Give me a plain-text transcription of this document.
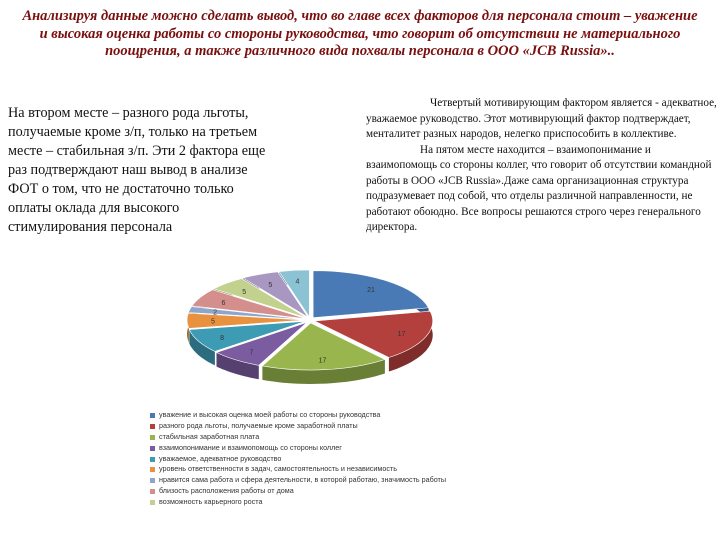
Анализируя данные можно сделать вывод, что во главе всех факторов для персонала стоит – уважение и высокая оценка работы со стороны руководства, что говорит об отсутствии не материального поощрения, а также различного вида похвалы персонала в ООО «JCB Russia»..
На втором месте – разного рода льготы, получаемые кроме з/п, только на третьем месте – стабильная з/п. Эти 2 фактора еще раз подтверждают наш вывод в анализе ФОТ о том, что не достаточно только оплаты оклада для высокого стимулирования персонала

Четвертый мотивирующим фактором является - адекватное, уважаемое руководство. Этот мотивирующий фактор подтверждает, менталитет разных народов, нелегко приспособить в коллективе.

На пятом месте находится – взаимопонимание и взаимопомощь со стороны коллег, что говорит об отсутствии командной работы в ООО «JCB Russia».Даже сама организационная структура подразумевает под собой, что отделы различной направленности, не работают обоюдно. Все вопросы решаются строго через генерального директора.

21
17
17
7
8
5
2
6
5
5	4
уважение и высокая оценка моей работы со стороны руководства
разного рода льготы, получаемые кроме заработной платы
стабильная заработная плата
взаимопонимание и взаимопомощь со стороны коллег
уважаемое, адекватное руководство
уровень ответственности в задач, самостоятельность и независимость
нравится сама работа и сфера деятельности, в которой работаю, значимость работы
близость расположения работы от дома
возможность карьерного роста
